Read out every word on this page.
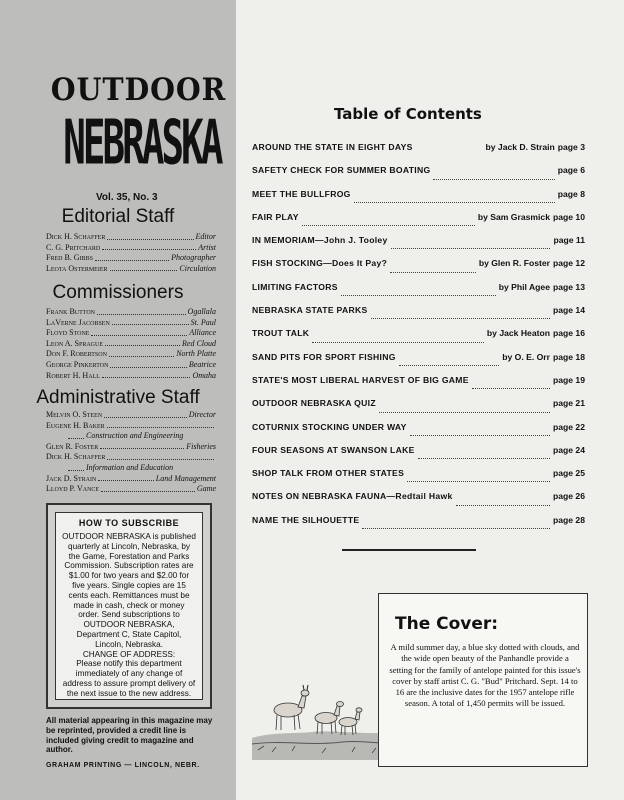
OUTDOOR
NEBRASKA
Vol. 35, No. 3
Editorial Staff
Dick H. Schaffer	Editor
C. G. Pritchard	Artist
Fred B. Gibbs	Photographer
Leota Ostermeier	Circulation
Commissioners
Frank Button	Ogallala
LaVerne Jacobsen	St. Paul
Floyd Stone	Alliance
Leon A. Sprague	Red Cloud
Don F. Robertson	North Platte
George Pinkerton	Beatrice
Robert H. Hall	Omaha
Administrative Staff
Melvin O. Steen	Director
Eugene H. Baker
Construction and Engineering
Glen R. Foster	Fisheries
Dick H. Schaffer
Information and Education
Jack D. Strain	Land Management
Lloyd P. Vance	Game
HOW TO SUBSCRIBE

OUTDOOR NEBRASKA is published quarterly at Lincoln, Nebraska, by the Game, Forestation and Parks Commission. Subscription rates are $1.00 for two years and $2.00 for five years. Single copies are 15 cents each. Remittances must be made in cash, check or money order. Send subscriptions to OUTDOOR NEBRASKA, Department C, State Capitol, Lincoln, Nebraska.

CHANGE OF ADDRESS:

Please notify this department immediately of any change of address to assure prompt delivery of the next issue to the new address.

All material appearing in this magazine may be reprinted, provided a credit line is included giving credit to magazine and author.
GRAHAM PRINTING — LINCOLN, NEBR.
Table of Contents
AROUND THE STATE IN EIGHT DAYS	by Jack D. Strain page 3
SAFETY CHECK FOR SUMMER BOATING	page 6
MEET THE BULLFROG	page 8
FAIR PLAY	by Sam Grasmick page 10
IN MEMORIAM—John J. Tooley	page 11
FISH STOCKING—Does It Pay?	by Glen R. Foster page 12
LIMITING FACTORS	by Phil Agee page 13
NEBRASKA STATE PARKS	page 14
TROUT TALK	by Jack Heaton page 16
SAND PITS FOR SPORT FISHING	by O. E. Orr page 18
STATE'S MOST LIBERAL HARVEST OF BIG GAME	page 19
OUTDOOR NEBRASKA QUIZ	page 21
COTURNIX STOCKING UNDER WAY	page 22
FOUR SEASONS AT SWANSON LAKE	page 24
SHOP TALK FROM OTHER STATES	page 25
NOTES ON NEBRASKA FAUNA—Redtail Hawk	page 26
NAME THE SILHOUETTE	page 28
The Cover:
A mild summer day, a blue sky dotted with clouds, and the wide open beauty of the Panhandle provide a setting for the family of antelope painted for this issue's cover by staff artist C. G. "Bud" Pritchard. Sept. 14 to 16 are the inclusive dates for the 1957 antelope rifle season. A total of 1,450 permits will be issued.
